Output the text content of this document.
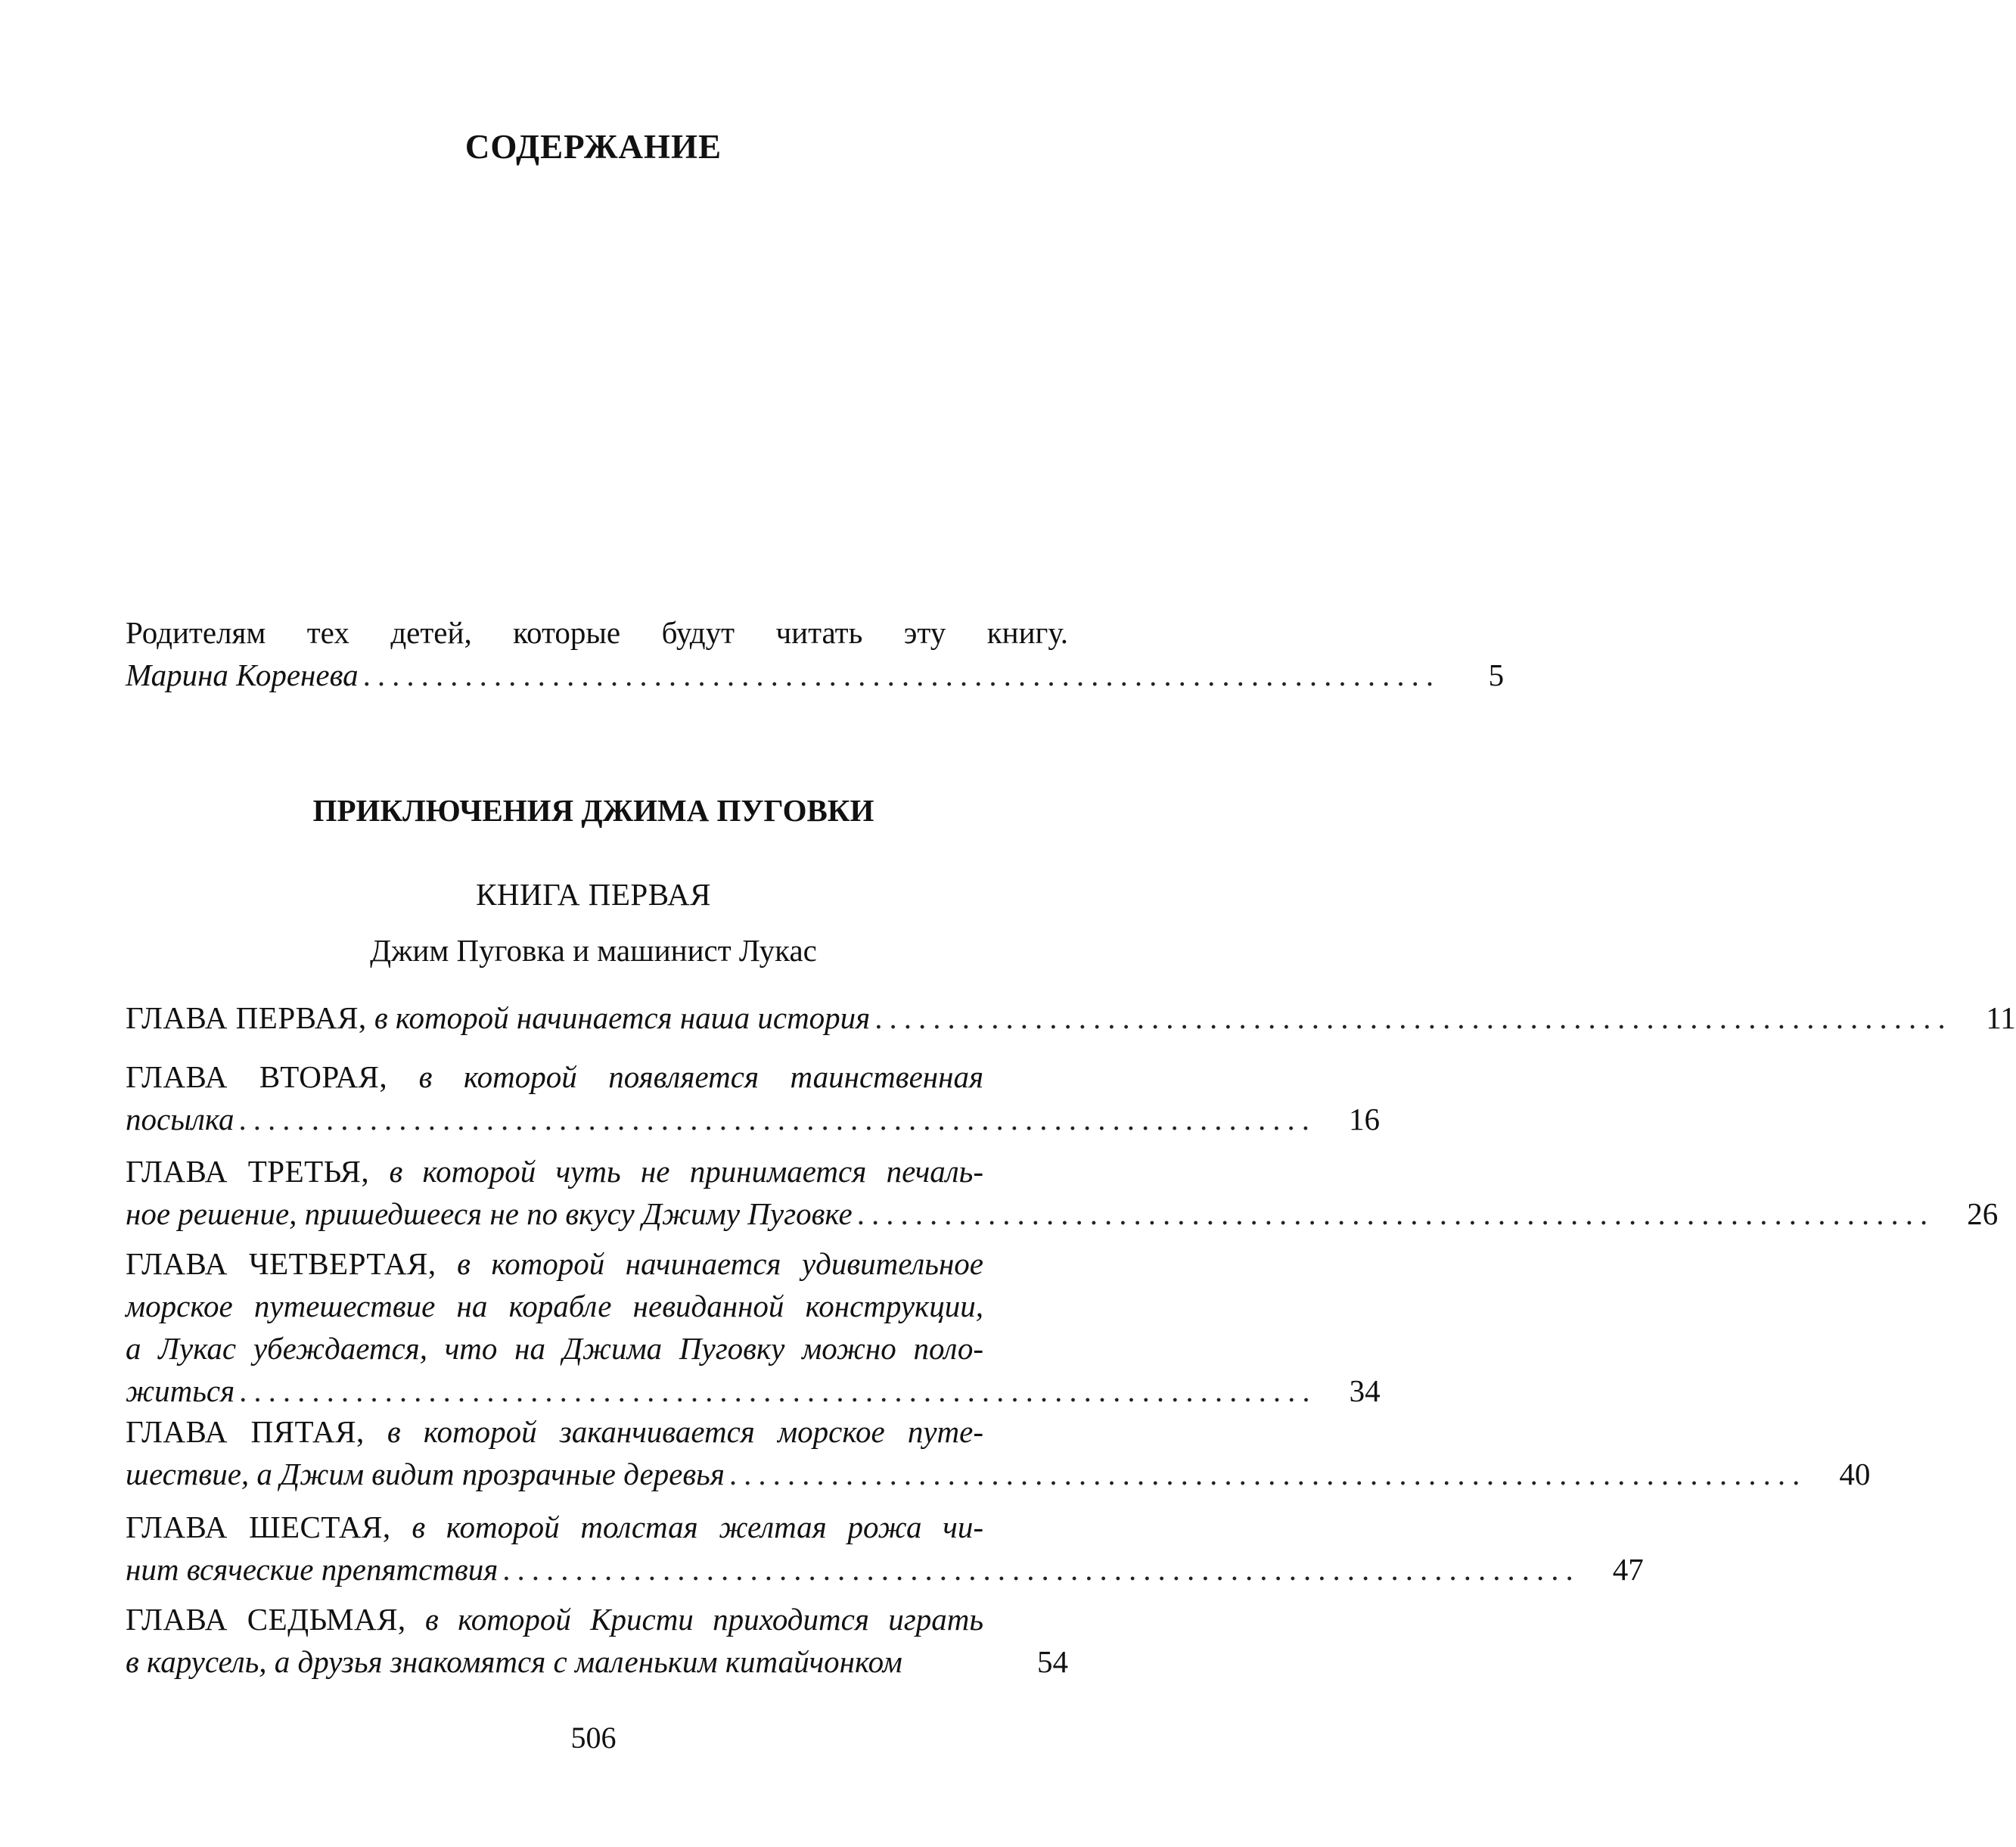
СОДЕРЖАНИЕ
Родителям тех детей, которые будут читать эту книгу.
Марина Коренева ..........................................................................	5
ПРИКЛЮЧЕНИЯ ДЖИМА ПУГОВКИ
КНИГА ПЕРВАЯ
Джим Пуговка и машинист Лукас
ГЛАВА ПЕРВАЯ,
в которой начинается наша история ..........................................................................	11
ГЛАВА ВТОРАЯ, в которой появляется таинственная
посылка ..........................................................................	16
ГЛАВА ТРЕТЬЯ, в которой чуть не принимается печаль-
ное решение, пришедшееся не по вкусу Джиму Пуговке ..........................................................................	26
ГЛАВА ЧЕТВЕРТАЯ, в которой начинается удивительное
морское путешествие на корабле невиданной конструкции,
а Лукас убеждается, что на Джима Пуговку можно поло-
житься ..........................................................................	34
ГЛАВА ПЯТАЯ, в которой заканчивается морское путе-
шествие, а Джим видит прозрачные деревья ..........................................................................	40
ГЛАВА ШЕСТАЯ, в которой толстая желтая рожа чи-
нит всяческие препятствия ..........................................................................	47
ГЛАВА СЕДЬМАЯ, в которой Кристи приходится играть
в карусель, а друзья знакомятся с маленьким китайчонком	54
506
